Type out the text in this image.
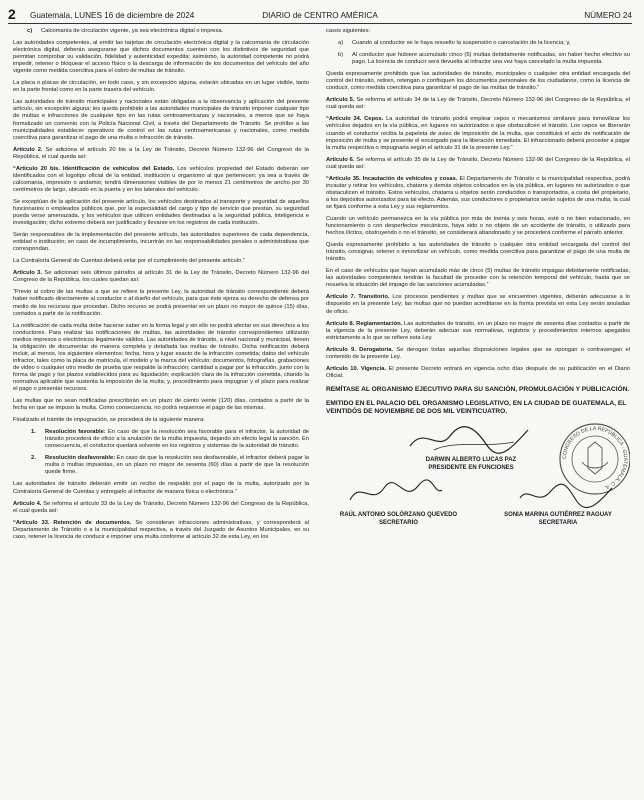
2 Guatemala, LUNES 16 de diciembre de 2024	DIARIO de CENTRO AMÉRICA	NÚMERO 24
c)	Calcomanía de circulación vigente, ya sea electrónica digital o impresa.

Las autoridades competentes, al emitir las tarjetas de circulación electrónica digital y la calcomanía de circulación electrónica digital, deberán asegurarse que dichos documentos cuenten con los distintivos de seguridad que permitan comprobar su validación, fidelidad y autenticidad expedita; asimismo, la autoridad competente no podrá impedir, retener o bloquear el acceso físico o la descarga de información de los documentos del vehículo del año vigente como medida coercitiva para el cobro de multas de tránsito.

La placa o placas de circulación, en todo caso, y sin excepción alguna, estarán ubicadas en un lugar visible, tanto en la parte frontal como en la parte trasera del vehículo.

Las autoridades de tránsito municipales y nacionales están obligadas a la observancia y aplicación del presente artículo, sin excepción alguna; les queda prohibido a las autoridades municipales de tránsito imponer cualquier tipo de multas e infracciones de cualquier tipo en las rutas centroamericanas y nacionales, a menos que se haya formalizado un convenio con la Policía Nacional Civil, a través del Departamento de Tránsito. Se prohíbe a las municipalidades establecer operativos de control en las rutas centroamericanas y nacionales, como medida coercitiva para garantizar el pago de una multa o infracción de tránsito.

Artículo 2. Se adiciona el artículo 20 bis a la Ley de Tránsito, Decreto Número 132-96 del Congreso de la República, el cual queda así:

“Artículo 20 bis. Identificación de vehículos del Estado. Los vehículos propiedad del Estado deberán ser identificados con el logotipo oficial de la entidad, institución u organismo al que pertenecen; ya sea a través de calcomanía, impresión o andamio; tendrá dimensiones visibles de por lo menos 21 centímetros de ancho por 30 centímetros de largo, ubicado en la puerta y en los laterales del vehículo.

Se exceptúan de la aplicación del presente artículo, los vehículos destinados al transporte y seguridad de aquellos funcionarios o empleados públicos que, por la especialidad del cargo y tipo de servicio que prestan, su seguridad pueda verse amenazada, y los vehículos que utilicen entidades destinadas a la seguridad pública, inteligencia e investigación; dicho extremo deberá ser justificado y llevarse en los registros de cada institución.

Serán responsables de la implementación del presente artículo, las autoridades superiores de cada dependencia, entidad o institución; en caso de incumplimiento, incurrirán en las responsabilidades penales o administrativas que correspondan.

La Contraloría General de Cuentas deberá velar por el cumplimiento del presente artículo.”

Artículo 3. Se adicionan seis últimos párrafos al artículo 31 de la Ley de Tránsito, Decreto Número 132-96 del Congreso de la República, los cuales quedan así:

“Previo al cobro de las multas a que se refiere la presente Ley, la autoridad de tránsito correspondiente deberá haber notificado directamente al conductor o al dueño del vehículo, para que éste ejerza su derecho de defensa por medio de los recursos que procedan. Dicho recurso se podrá presentar en un plazo no mayor de quince (15) días, contados a partir de la notificación.

La notificación de cada multa debe hacerse saber en la forma legal y sin ello no podrá afectar en sus derechos a los conductores. Para realizar las notificaciones de multas, las autoridades de tránsito correspondientes utilizarán medios impresos o electrónicos legalmente válidos. Las autoridades de tránsito, a nivel nacional y municipal, tienen la obligación de documentar de manera completa y detallada las multas de tránsito. Dicha notificación deberá incluir, al menos, los siguientes elementos: fecha, hora y lugar exacto de la infracción cometida; datos del vehículo infractor, tales como la placa de matrícula, el modelo y la marca del vehículo; documentos, fotografías, grabaciones de video o cualquier otro medio de prueba que respalde la infracción; cantidad a pagar por la infracción, junto con la forma de pago y los plazos establecidos para su liquidación; explicación clara de la infracción cometida, citando la normativa aplicable que sustenta la imposición de la multa; y, procedimiento para impugnar y el plazo para realizar el pago o presentar recursos.

Las multas que no sean notificadas prescribirán en un plazo de ciento veinte (120) días, contados a partir de la fecha en que se impuso la multa. Como consecuencia, no podrá requerirse el pago de las mismas.

Finalizado el trámite de impugnación, se procederá de la siguiente manera:

1.	Resolución favorable: En caso de que la resolución sea favorable para el infractor, la autoridad de tránsito procederá de oficio a la anulación de la multa impuesta, dejando sin efecto legal la sanción. En consecuencia, el conductor quedará solvente en los registros y sistemas de la autoridad de tránsito.
2.	Resolución desfavorable: En caso de que la resolución sea desfavorable, el infractor deberá pagar la multa o multas impuestas, en un plazo no mayor de sesenta (60) días a partir de que la resolución quede firme.

Las autoridades de tránsito deberán emitir un recibo de respaldo por el pago de la multa, autorizado por la Contraloría General de Cuentas y entregarlo al infractor de manera física o electrónica.”

Artículo 4. Se reforma el artículo 33 de la Ley de Tránsito, Decreto Número 132-96 del Congreso de la República, el cual queda así:

“Artículo 33. Retención de documentos. Se consideran infracciones administrativas, y corresponderá al Departamento de Tránsito o a la municipalidad respectiva, a través del Juzgado de Asuntos Municipales, en su caso, retener la licencia de conducir e imponer una multa conforme al artículo 32 de esta Ley, en los

casos siguientes:

a)	Cuando al conductor se le haya resuelto la suspensión o cancelación de la licencia; y,
b)	Al conductor que hubiere acumulado cinco (5) multas debidamente notificadas, sin haber hecho efectivo su pago. La licencia de conducir será devuelta al infractor una vez haya cancelado la multa impuesta.

Queda expresamente prohibido que las autoridades de tránsito, municipales o cualquier otra entidad encargada del control del tránsito, retiren, retengan o confisquen los documentos personales de los ciudadanos, como la licencia de conducir, como medida coercitiva para garantizar el pago de las multas de tránsito.”

Artículo 5. Se reforma el artículo 34 de la Ley de Tránsito, Decreto Número 132-96 del Congreso de la República, el cual queda así:

“Artículo 34. Cepos. La autoridad de tránsito podrá emplear cepos o mecanismos similares para inmovilizar los vehículos dejados en la vía pública, en lugares no autorizados o que obstaculicen el tránsito. Los cepos se liberarán cuando el conductor reciba la papeleta de aviso de imposición de la multa, que constituirá el acto de notificación de imposición de multa y se presente el encargado para la liberación inmediata. El infraccionado deberá proceder a pagar la multa respectiva o impugnarla según el artículo 31 de la presente Ley.”

Artículo 6. Se reforma el artículo 35 de la Ley de Tránsito, Decreto Número 132-96 del Congreso de la República, el cual queda así:

“Artículo 35. Incautación de vehículos y cosas. El Departamento de Tránsito o la municipalidad respectiva, podrá incautar y retirar los vehículos, chatarra y demás objetos colocados en la vía pública, en lugares no autorizados o que obstaculicen el tránsito. Estos vehículos, chatarra u objetos serán conducidos o transportados, a costa del propietario, a los depósitos autorizados para tal efecto. Además, sus conductores o propietarios serán sujetos de una multa, la cual se fijará conforme a esta Ley y sus reglamentos.

Cuando un vehículo permanezca en la vía pública por más de treinta y seis horas, esté o no bien estacionado, en funcionamiento o con desperfectos mecánicos, haya sido o no objeto de un accidente de tránsito, o utilizado para hechos ilícitos, obstruyendo o no el tránsito, se considerará abandonado y se procederá conforme el párrafo anterior.

Queda expresamente prohibido a las autoridades de tránsito o cualquier otra entidad encargada del control del tránsito, consignar, retener o inmovilizar un vehículo, como medida coercitiva para garantizar el pago de una multa de tránsito.

En el caso de vehículos que hayan acumulado más de cinco (5) multas de tránsito impagas debidamente notificadas, las autoridades competentes tendrán la facultad de proceder con la retención temporal del vehículo, hasta que se resuelva la situación del impago de las sanciones acumuladas.”

Artículo 7. Transitorio. Los procesos pendientes y multas que se encuentren vigentes, deberán adecuarse a lo dispuesto en la presente Ley; las multas que no puedan acreditarse en la forma prevista en esta Ley serán anuladas de oficio.

Artículo 8. Reglamentación. Las autoridades de tránsito, en un plazo no mayor de sesenta días contados a partir de la vigencia de la presente Ley, deberán adecuar sus normativas, registros y procedimientos internos apegados estrictamente a lo que se refiere esta Ley.

Artículo 9. Derogatoria. Se derogan todas aquellas disposiciones legales que se opongan o contravengan el contenido de la presente Ley.

Artículo 10. Vigencia. El presente Decreto entrará en vigencia ocho días después de su publicación en el Diario Oficial.

REMÍTASE AL ORGANISMO EJECUTIVO PARA SU SANCIÓN, PROMULGACIÓN Y PUBLICACIÓN.

EMITIDO EN EL PALACIO DEL ORGANISMO LEGISLATIVO, EN LA CIUDAD DE GUATEMALA, EL VEINTIDÓS DE NOVIEMBRE DE DOS MIL VEINTICUATRO.

DARWIN ALBERTO LUCAS PAZ
PRESIDENTE EN FUNCIONES
CONGRESO DE LA REPÚBLICA · GUATEMALA, C. A.
RAÚL ANTONIO SOLÓRZANO QUEVEDO
SECRETARIO
SONIA MARINA GUTIÉRREZ RAGUAY
SECRETARIA
